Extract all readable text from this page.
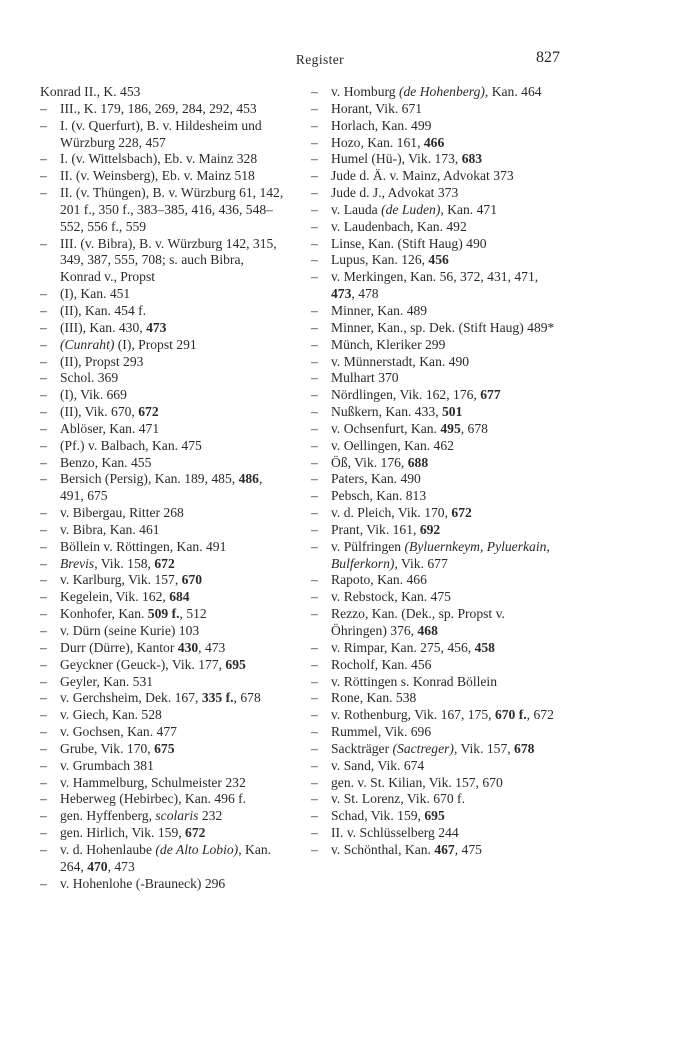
Register	827
Konrad II., K. 453
– III., K. 179, 186, 269, 284, 292, 453
– I. (v. Querfurt), B. v. Hildesheim und Würzburg 228, 457
– I. (v. Wittelsbach), Eb. v. Mainz 328
– II. (v. Weinsberg), Eb. v. Mainz 518
– II. (v. Thüngen), B. v. Würzburg 61, 142, 201 f., 350 f., 383–385, 416, 436, 548–552, 556 f., 559
– III. (v. Bibra), B. v. Würzburg 142, 315, 349, 387, 555, 708; s. auch Bibra, Konrad v., Propst
– (I), Kan. 451
– (II), Kan. 454 f.
– (III), Kan. 430, 473
– (Cunraht) (I), Propst 291
– (II), Propst 293
– Schol. 369
– (I), Vik. 669
– (II), Vik. 670, 672
– Ablöser, Kan. 471
– (Pf.) v. Balbach, Kan. 475
– Benzo, Kan. 455
– Bersich (Persig), Kan. 189, 485, 486, 491, 675
– v. Bibergau, Ritter 268
– v. Bibra, Kan. 461
– Böllein v. Röttingen, Kan. 491
– Brevis, Vik. 158, 672
– v. Karlburg, Vik. 157, 670
– Kegelein, Vik. 162, 684
– Konhofer, Kan. 509 f., 512
– v. Dürn (seine Kurie) 103
– Durr (Dürre), Kantor 430, 473
– Geyckner (Geuck-), Vik. 177, 695
– Geyler, Kan. 531
– v. Gerchsheim, Dek. 167, 335 f., 678
– v. Giech, Kan. 528
– v. Gochsen, Kan. 477
– Grube, Vik. 170, 675
– v. Grumbach 381
– v. Hammelburg, Schulmeister 232
– Heberweg (Hebirbec), Kan. 496 f.
– gen. Hyffenberg, scolaris 232
– gen. Hirlich, Vik. 159, 672
– v. d. Hohenlaube (de Alto Lobio), Kan. 264, 470, 473
– v. Hohenlohe (-Brauneck) 296
– v. Homburg (de Hohenberg), Kan. 464
– Horant, Vik. 671
– Horlach, Kan. 499
– Hozo, Kan. 161, 466
– Humel (Hü-), Vik. 173, 683
– Jude d. Ä. v. Mainz, Advokat 373
– Jude d. J., Advokat 373
– v. Lauda (de Luden), Kan. 471
– v. Laudenbach, Kan. 492
– Linse, Kan. (Stift Haug) 490
– Lupus, Kan. 126, 456
– v. Merkingen, Kan. 56, 372, 431, 471, 473, 478
– Minner, Kan. 489
– Minner, Kan., sp. Dek. (Stift Haug) 489*
– Münch, Kleriker 299
– v. Münnerstadt, Kan. 490
– Mulhart 370
– Nördlingen, Vik. 162, 176, 677
– Nußkern, Kan. 433, 501
– v. Ochsenfurt, Kan. 495, 678
– v. Oellingen, Kan. 462
– Öß, Vik. 176, 688
– Paters, Kan. 490
– Pebsch, Kan. 813
– v. d. Pleich, Vik. 170, 672
– Prant, Vik. 161, 692
– v. Pülfringen (Byluernkeym, Pyluerkain, Bulferkorn), Vik. 677
– Rapoto, Kan. 466
– v. Rebstock, Kan. 475
– Rezzo, Kan. (Dek., sp. Propst v. Öhringen) 376, 468
– v. Rimpar, Kan. 275, 456, 458
– Rocholf, Kan. 456
– v. Röttingen s. Konrad Böllein
– Rone, Kan. 538
– v. Rothenburg, Vik. 167, 175, 670 f., 672
– Rummel, Vik. 696
– Sackträger (Sactreger), Vik. 157, 678
– v. Sand, Vik. 674
– gen. v. St. Kilian, Vik. 157, 670
– v. St. Lorenz, Vik. 670 f.
– Schad, Vik. 159, 695
– II. v. Schlüsselberg 244
– v. Schönthal, Kan. 467, 475
